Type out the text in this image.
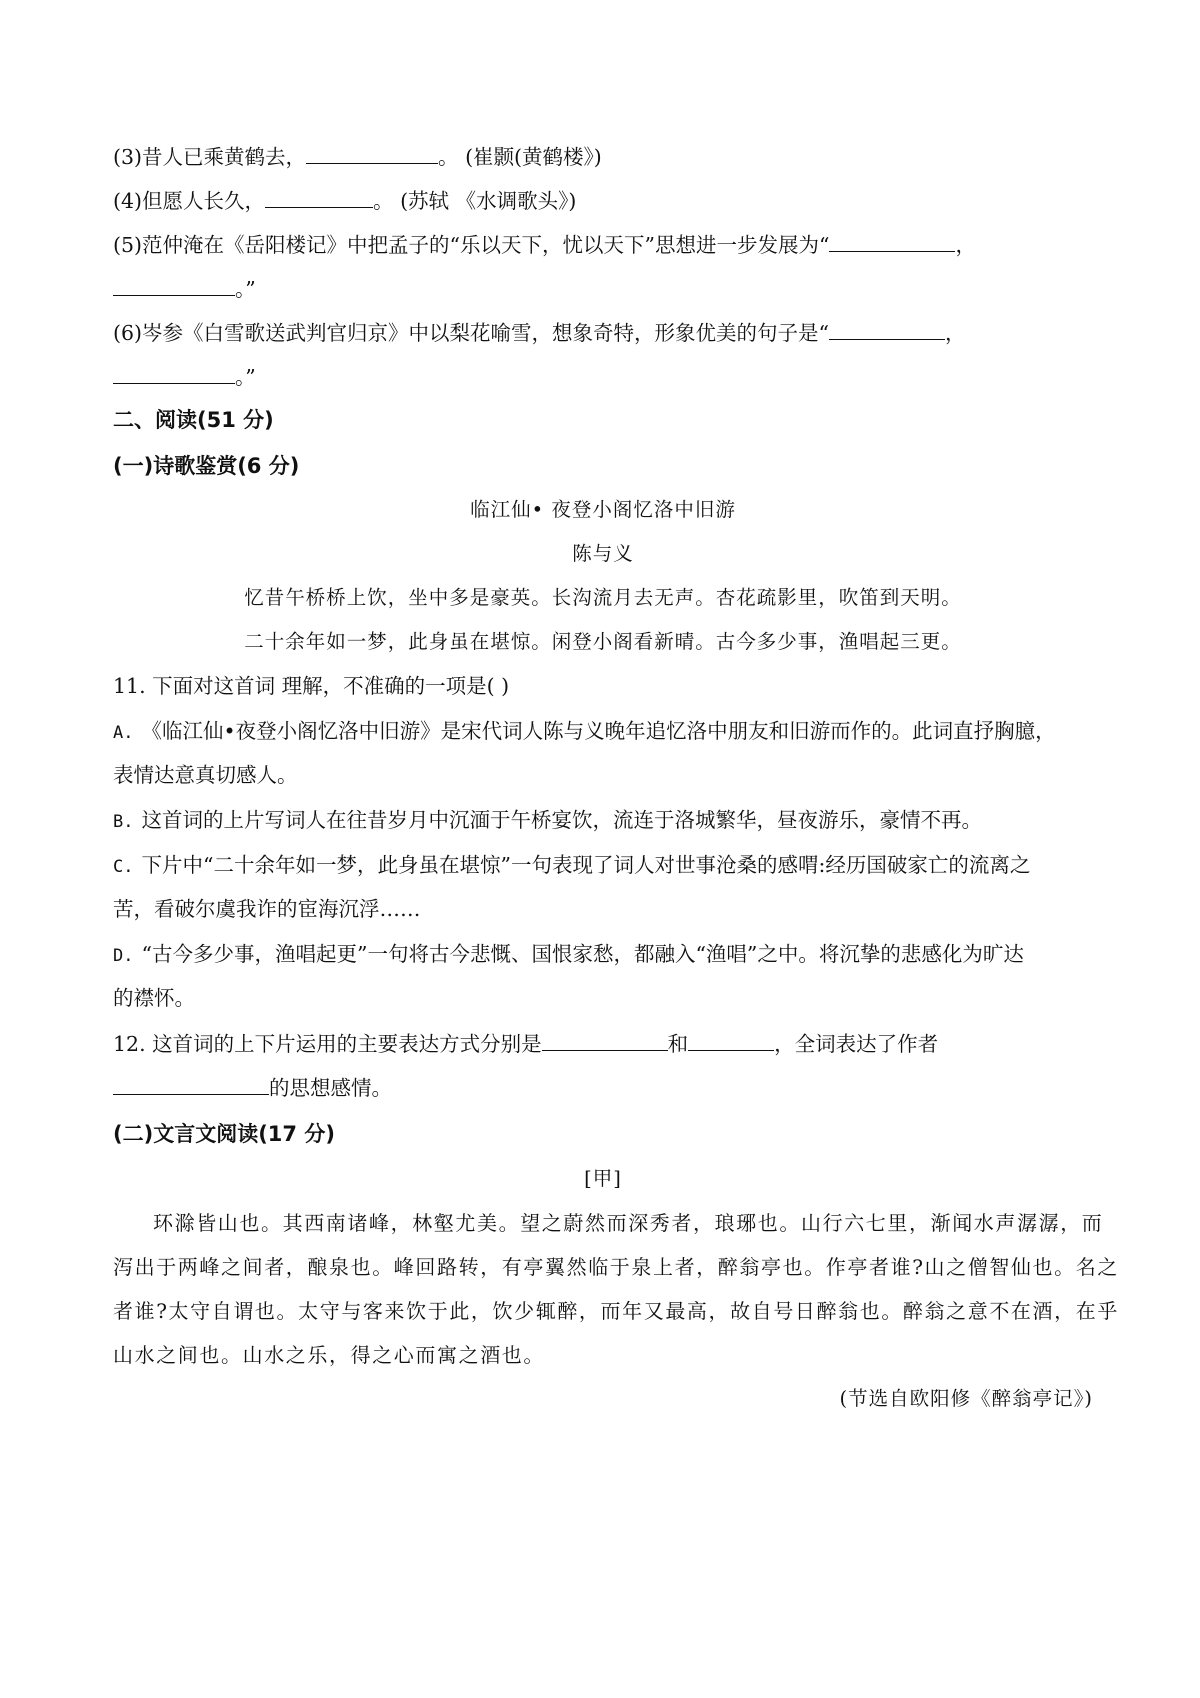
(3)昔人已乘黄鹤去，	。 (崔颢(黄鹤楼》)
(4)但愿人长久，	。 (苏轼 《水调歌头》)
(5)范仲淹在《岳阳楼记》中把孟子的“乐以天下，忧以天下”思想进一步发展为“	，
。”
(6)岑参《白雪歌送武判官归京》中以梨花喻雪，想象奇特，形象优美的句子是“	，
。”
二、阅读(51 分)
(一)诗歌鉴赏(6 分)
临江仙• 夜登小阁忆洛中旧游
陈与义
忆昔午桥桥上饮，坐中多是豪英。长沟流月去无声。杏花疏影里，吹笛到天明。
二十余年如一梦，此身虽在堪惊。闲登小阁看新晴。古今多少事，渔唱起三更。
11. 下面对这首词 理解，不准确的一项是( )
A. 《临江仙•夜登小阁忆洛中旧游》是宋代词人陈与义晚年追忆洛中朋友和旧游而作的。此词直抒胸臆，
表情达意真切感人。
B. 这首词的上片写词人在往昔岁月中沉湎于午桥宴饮，流连于洛城繁华，昼夜游乐，豪情不再。
C. 下片中“二十余年如一梦，此身虽在堪惊”一句表现了词人对世事沧桑的感喟:经历国破家亡的流离之
苦，看破尔虞我诈的宦海沉浮……
D. “古今多少事，渔唱起更”一句将古今悲慨、国恨家愁，都融入“渔唱”之中。将沉挚的悲感化为旷达
的襟怀。
12. 这首词的上下片运用的主要表达方式分别是	和	，全词表达了作者
的思想感情。
(二)文言文阅读(17 分)
[甲]
环滁皆山也。其西南诸峰，林壑尤美。望之蔚然而深秀者，琅琊也。山行六七里，渐闻水声潺潺，而
泻出于两峰之间者，酿泉也。峰回路转，有亭翼然临于泉上者，醉翁亭也。作亭者谁?山之僧智仙也。名之
者谁?太守自谓也。太守与客来饮于此，饮少辄醉，而年又最高，故自号日醉翁也。醉翁之意不在酒，在乎
山水之间也。山水之乐，得之心而寓之酒也。
(节选自欧阳修《醉翁亭记》)
